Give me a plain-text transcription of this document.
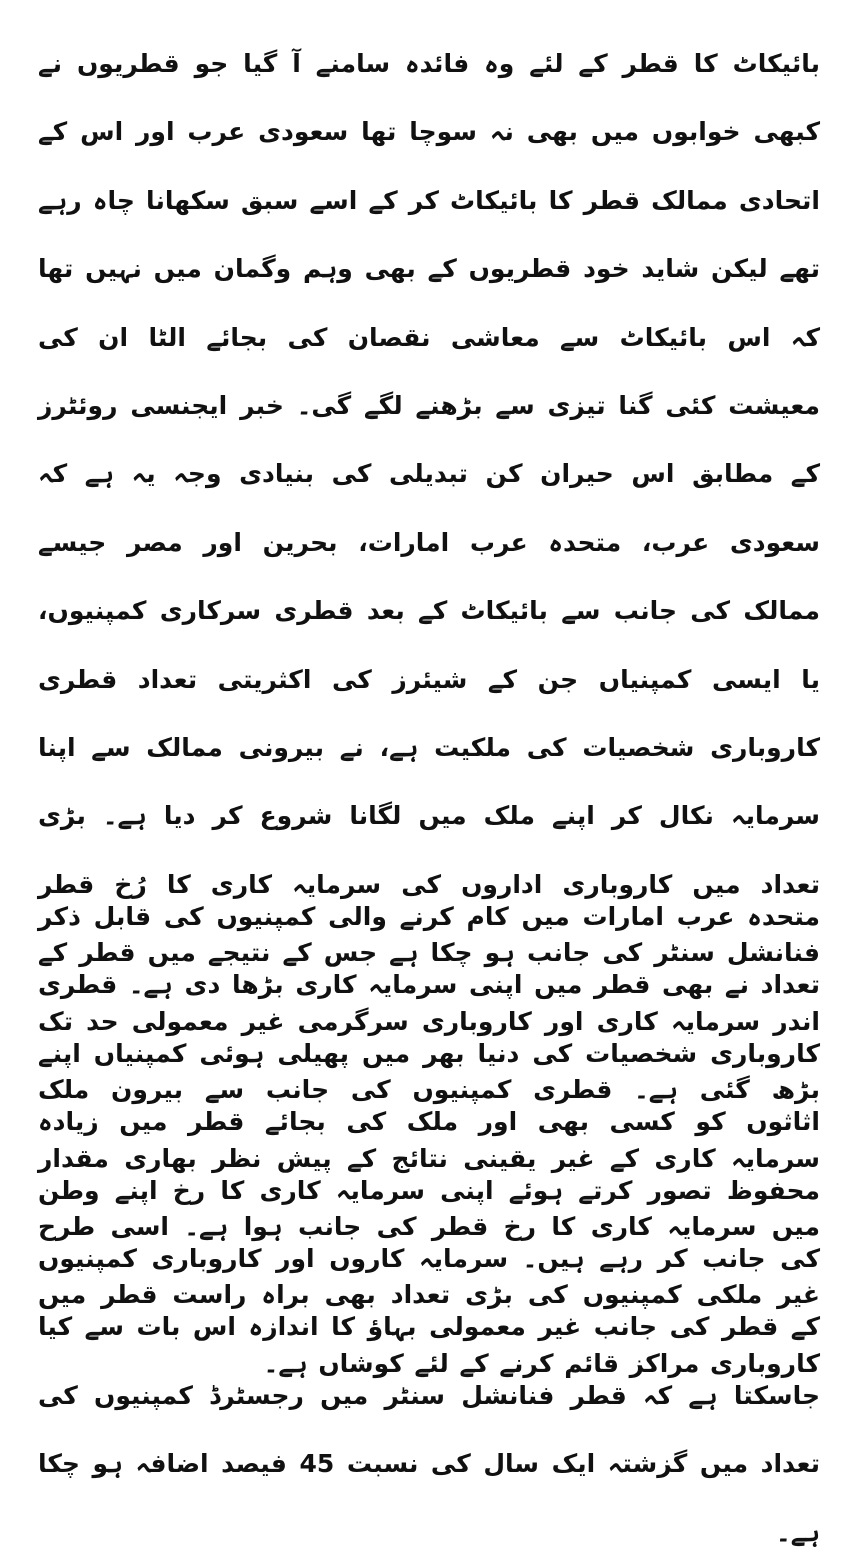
بائیکاٹ کا قطر کے لئے وہ فائدہ سامنے آ گیا جو قطریوں نے کبھی خوابوں میں بھی نہ سوچا تھا سعودی عرب اور اس کے اتحادی ممالک قطر کا بائیکاٹ کر کے اسے سبق سکھانا چاہ رہے تھے لیکن شاید خود قطریوں کے بھی وہم وگمان میں نہیں تھا کہ اس بائیکاٹ سے معاشی نقصان کی بجائے الٹا ان کی معیشت کئی گنا تیزی سے بڑھنے لگے گی۔ خبر ایجنسی روئٹرز کے مطابق اس حیران کن تبدیلی کی بنیادی وجہ یہ ہے کہ سعودی عرب، متحدہ عرب امارات، بحرین اور مصر جیسے ممالک کی جانب سے بائیکاٹ کے بعد قطری سرکاری کمپنیوں، یا ایسی کمپنیاں جن کے شیئرز کی اکثریتی تعداد قطری کاروباری شخصیات کی ملکیت ہے، نے بیرونی ممالک سے اپنا سرمایہ نکال کر اپنے ملک میں لگانا شروع کر دیا ہے۔ بڑی تعداد میں کاروباری اداروں کی سرمایہ کاری کا رُخ قطر فنانشل سنٹر کی جانب ہو چکا ہے جس کے نتیجے میں قطر کے اندر سرمایہ کاری اور کاروباری سرگرمی غیر معمولی حد تک بڑھ گئی ہے۔ قطری کمپنیوں کی جانب سے بیرون ملک سرمایہ کاری کے غیر یقینی نتائج کے پیش نظر بھاری مقدار میں سرمایہ کاری کا رخ قطر کی جانب ہوا ہے۔ اسی طرح غیر ملکی کمپنیوں کی بڑی تعداد بھی براہ راست قطر میں کاروباری مراکز قائم کرنے کے لئے کوشاں ہے۔

متحدہ عرب امارات میں کام کرنے والی کمپنیوں کی قابل ذکر تعداد نے بھی قطر میں اپنی سرمایہ کاری بڑھا دی ہے۔ قطری کاروباری شخصیات کی دنیا بھر میں پھیلی ہوئی کمپنیاں اپنے اثاثوں کو کسی بھی اور ملک کی بجائے قطر میں زیادہ محفوظ تصور کرتے ہوئے اپنی سرمایہ کاری کا رخ اپنے وطن کی جانب کر رہے ہیں۔ سرمایہ کاروں اور کاروباری کمپنیوں کے قطر کی جانب غیر معمولی بہاؤ کا اندازہ اس بات سے کیا جاسکتا ہے کہ قطر فنانشل سنٹر میں رجسٹرڈ کمپنیوں کی تعداد میں گزشتہ ایک سال کی نسبت 45 فیصد اضافہ ہو چکا ہے۔
